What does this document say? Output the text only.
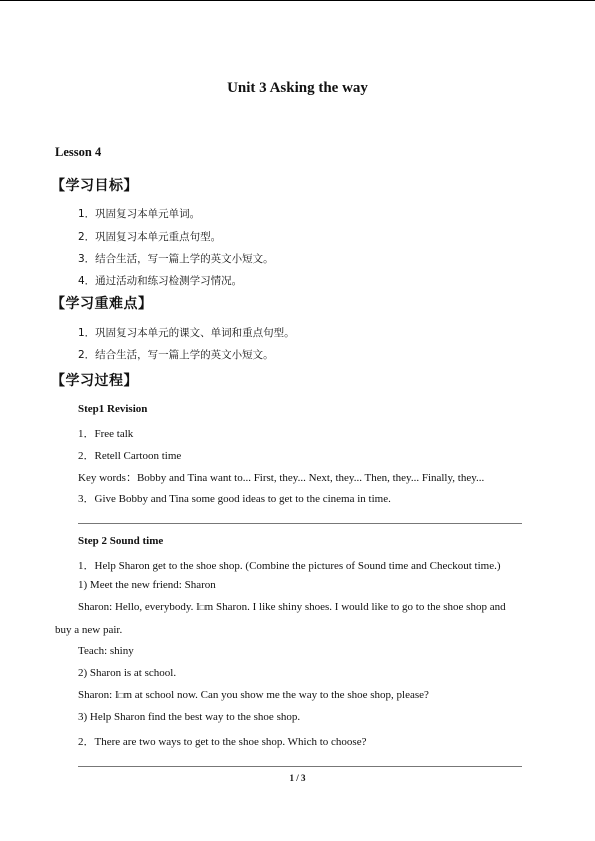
Unit 3 Asking the way
Lesson 4
【学习目标】
1．巩固复习本单元单词。
2．巩固复习本单元重点句型。
3．结合生活，写一篇上学的英文小短文。
4．通过活动和练习检测学习情况。
【学习重难点】
1．巩固复习本单元的课文、单词和重点句型。
2．结合生活，写一篇上学的英文小短文。
【学习过程】
Step1 Revision
1．Free talk
2．Retell Cartoon time
Key words：Bobby and Tina want to... First, they... Next, they... Then, they... Finally, they...
3．Give Bobby and Tina some good ideas to get to the cinema in time.
Step 2 Sound time
1．Help Sharon get to the shoe shop. (Combine the pictures of Sound time and Checkout time.)
1) Meet the new friend: Sharon
Sharon: Hello, everybody. I□m Sharon. I like shiny shoes. I would like to go to the shoe shop and
buy a new pair.
Teach: shiny
2) Sharon is at school.
Sharon: I□m at school now. Can you show me the way to the shoe shop, please?
3) Help Sharon find the best way to the shoe shop.
2．There are two ways to get to the shoe shop. Which to choose?
1 / 3
